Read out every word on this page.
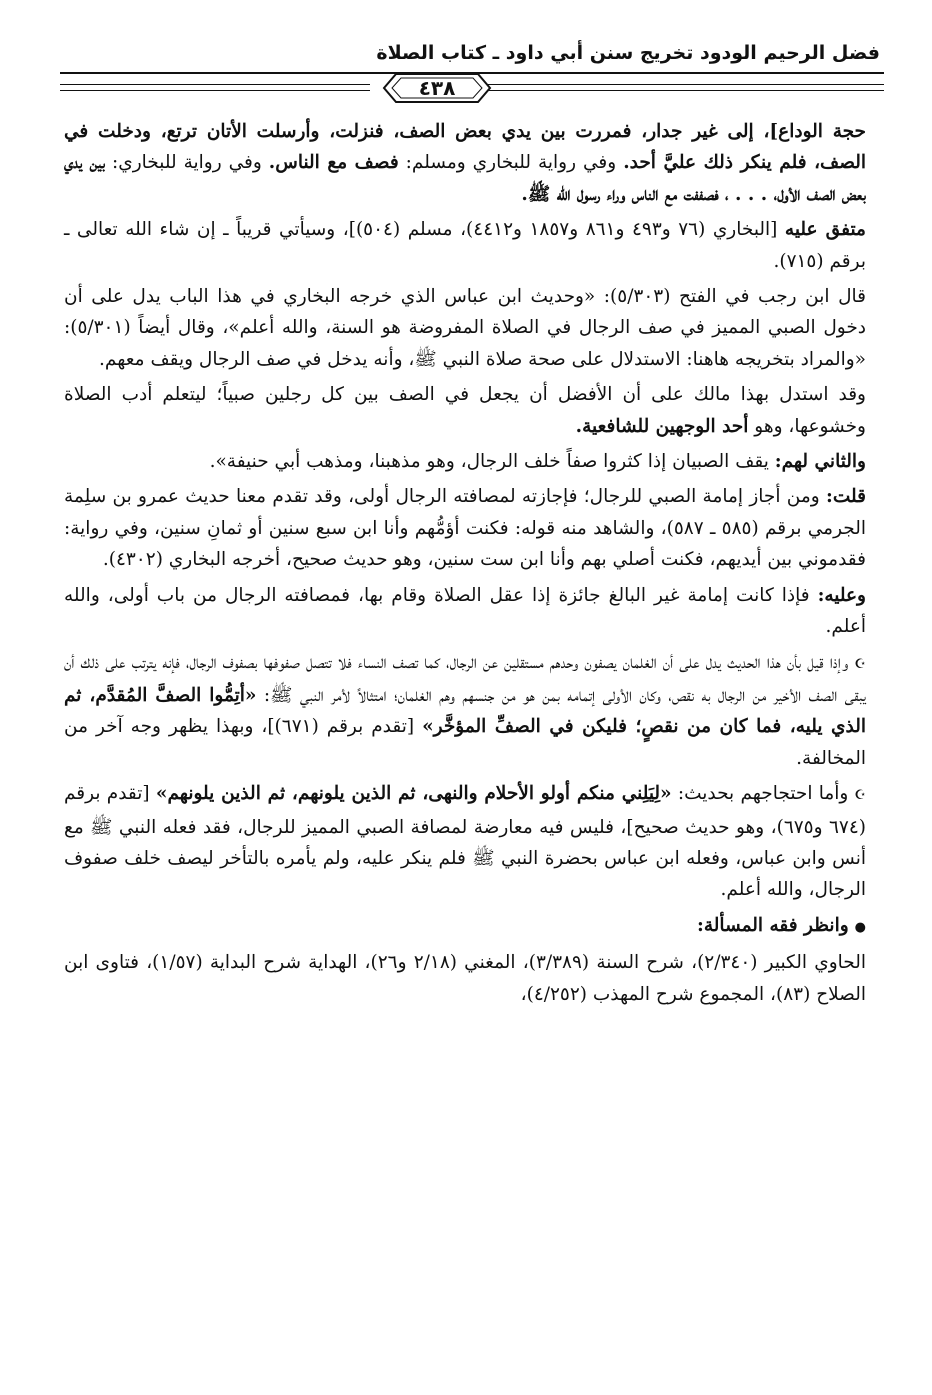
فضل الرحيم الودود تخريج سنن أبي داود ـ كتاب الصلاة
٤٣٨

حجة الوداع]، إلى غير جدار، فمررت بين يدي بعض الصف، فنزلت، وأرسلت الأتان ترتع، ودخلت في الصف، فلم ينكر ذلك عليَّ أحد. وفي رواية للبخاري ومسلم: فصف مع الناس. وفي رواية للبخاري: بين يدي بعض الصف الأول، . . . ، فصففت مع الناس وراء رسول الله ﷺ.

متفق عليه [البخاري (٧٦ و٤٩٣ و٨٦١ و١٨٥٧ و٤٤١٢)، مسلم (٥٠٤)]، وسيأتي قريباً ـ إن شاء الله تعالى ـ برقم (٧١٥).

قال ابن رجب في الفتح (٥/٣٠٣): «وحديث ابن عباس الذي خرجه البخاري في هذا الباب يدل على أن دخول الصبي المميز في صف الرجال في الصلاة المفروضة هو السنة، والله أعلم»، وقال أيضاً (٥/٣٠١): «والمراد بتخريجه هاهنا: الاستدلال على صحة صلاة النبي ﷺ، وأنه يدخل في صف الرجال ويقف معهم.

وقد استدل بهذا مالك على أن الأفضل أن يجعل في الصف بين كل رجلين صبياً؛ ليتعلم أدب الصلاة وخشوعها، وهو أحد الوجهين للشافعية.

والثاني لهم: يقف الصبيان إذا كثروا صفاً خلف الرجال، وهو مذهبنا، ومذهب أبي حنيفة».

قلت: ومن أجاز إمامة الصبي للرجال؛ فإجازته لمصافته الرجال أولى، وقد تقدم معنا حديث عمرو بن سلِمة الجرمي برقم (٥٨٥ ـ ٥٨٧)، والشاهد منه قوله: فكنت أؤمُّهم وأنا ابن سبع سنين أو ثمانِ سنين، وفي رواية: فقدموني بين أيديهم، فكنت أصلي بهم وأنا ابن ست سنين، وهو حديث صحيح، أخرجه البخاري (٤٣٠٢).

وعليه: فإذا كانت إمامة غير البالغ جائزة إذا عقل الصلاة وقام بها، فمصافته الرجال من باب أولى، والله أعلم.

☪وإذا قيل بأن هذا الحديث يدل على أن الغلمان يصفون وحدهم مستقلين عن الرجال، كما تصف النساء فلا تتصل صفوفها بصفوف الرجال، فإنه يترتب على ذلك أن يبقى الصف الأخير من الرجال به نقص، وكان الأولى إتمامه بمن هو من جنسهم وهم الغلمان؛ امتثالاً لأمر النبي ﷺ: «أتِمُّوا الصفَّ المُقدَّم، ثم الذي يليه، فما كان من نقصٍ؛ فليكن في الصفِّ المؤخَّر» [تقدم برقم (٦٧١)]، وبهذا يظهر وجه آخر من المخالفة.

☪وأما احتجاجهم بحديث: «لِيَلِني منكم أولو الأحلام والنهى، ثم الذين يلونهم، ثم الذين يلونهم» [تقدم برقم (٦٧٤ و٦٧٥)، وهو حديث صحيح]، فليس فيه معارضة لمصافة الصبي المميز للرجال، فقد فعله النبي ﷺ مع أنس وابن عباس، وفعله ابن عباس بحضرة النبي ﷺ فلم ينكر عليه، ولم يأمره بالتأخر ليصف خلف صفوف الرجال، والله أعلم.

●وانظر فقه المسألة:

الحاوي الكبير (٢/٣٤٠)، شرح السنة (٣/٣٨٩)، المغني (٢/١٨ و٢٦)، الهداية شرح البداية (١/٥٧)، فتاوى ابن الصلاح (٨٣)، المجموع شرح المهذب (٤/٢٥٢)،
